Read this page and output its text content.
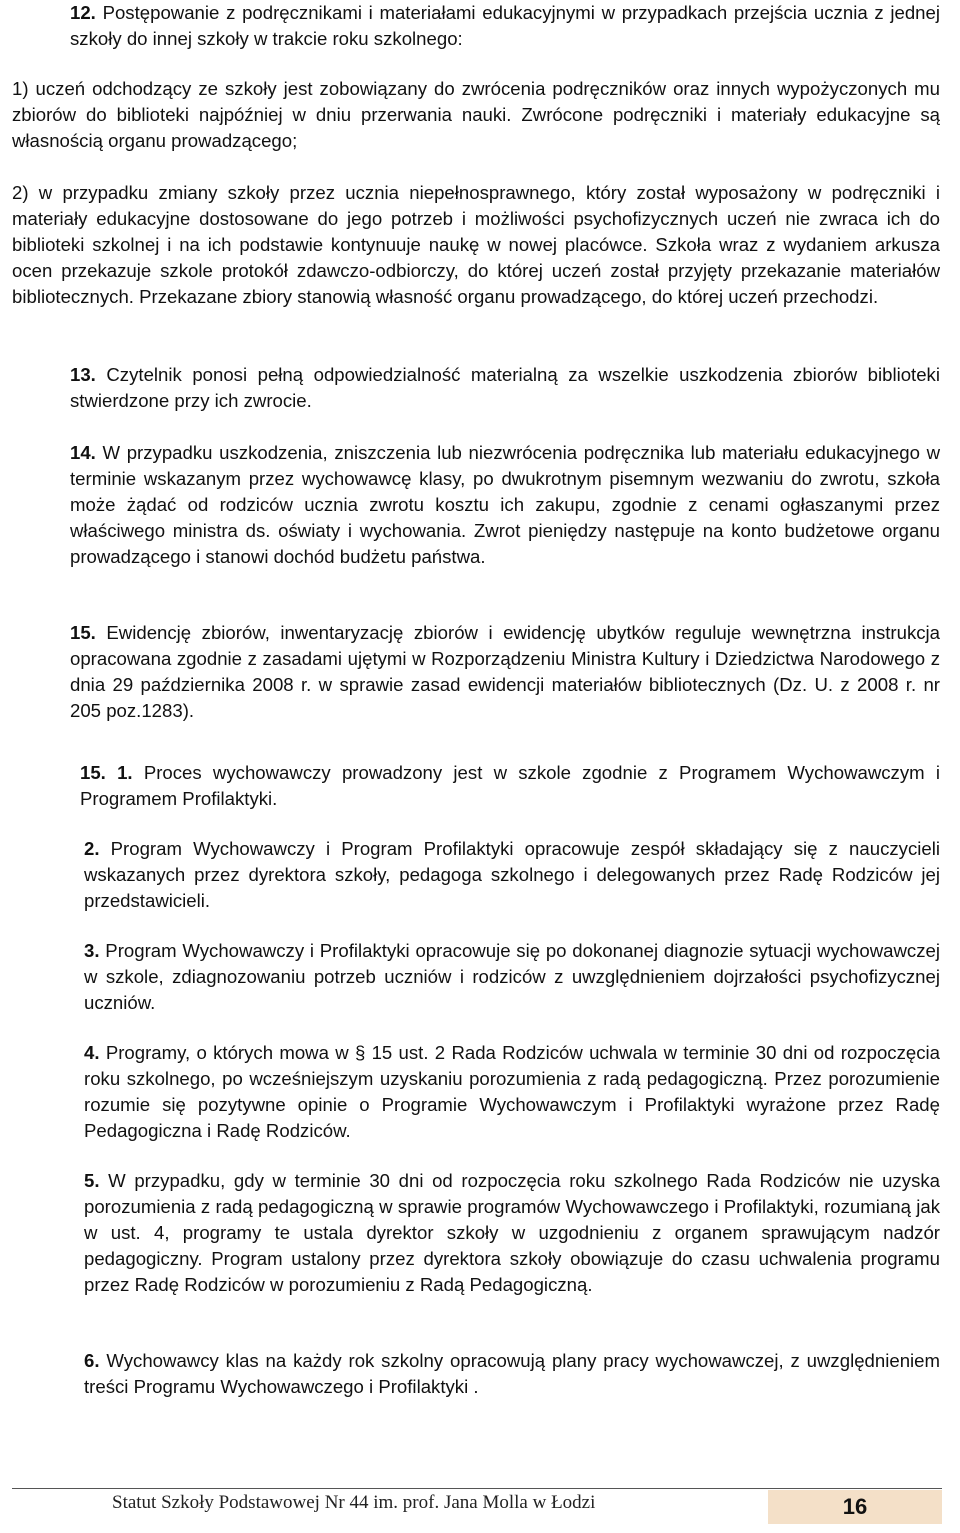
12. Postępowanie z podręcznikami i materiałami edukacyjnymi w przypadkach przejścia ucznia z jednej szkoły do innej szkoły w trakcie roku szkolnego:

1) uczeń odchodzący ze szkoły jest zobowiązany do zwrócenia podręczników oraz innych wypożyczonych mu zbiorów do biblioteki najpóźniej w dniu przerwania nauki. Zwrócone podręczniki i materiały edukacyjne są własnością organu prowadzącego;

2) w przypadku zmiany szkoły przez ucznia niepełnosprawnego, który został wyposażony w podręczniki i materiały edukacyjne dostosowane do jego potrzeb i możliwości psychofizycznych uczeń nie zwraca ich do biblioteki szkolnej i na ich podstawie kontynuuje naukę w nowej placówce. Szkoła wraz z wydaniem arkusza ocen przekazuje szkole protokół zdawczo-odbiorczy, do której uczeń został przyjęty przekazanie materiałów bibliotecznych. Przekazane zbiory stanowią własność organu prowadzącego, do której uczeń przechodzi.

13. Czytelnik ponosi pełną odpowiedzialność materialną za wszelkie uszkodzenia zbiorów biblioteki stwierdzone przy ich zwrocie.

14. W przypadku uszkodzenia, zniszczenia lub niezwrócenia podręcznika lub materiału edukacyjnego w terminie wskazanym przez wychowawcę klasy, po dwukrotnym pisemnym wezwaniu do zwrotu, szkoła może żądać od rodziców ucznia zwrotu kosztu ich zakupu, zgodnie z cenami ogłaszanymi przez właściwego ministra ds. oświaty i wychowania. Zwrot pieniędzy następuje na konto budżetowe organu prowadzącego i stanowi dochód budżetu państwa.

15. Ewidencję zbiorów, inwentaryzację zbiorów i ewidencję ubytków reguluje wewnętrzna instrukcja opracowana zgodnie z zasadami ujętymi w Rozporządzeniu Ministra Kultury i Dziedzictwa Narodowego z dnia 29 października 2008 r. w sprawie zasad ewidencji materiałów bibliotecznych (Dz. U. z 2008 r. nr 205 poz.1283).

15. 1. Proces wychowawczy prowadzony jest w szkole zgodnie z Programem Wychowawczym i Programem Profilaktyki.

2. Program Wychowawczy i Program Profilaktyki opracowuje zespół składający się z nauczycieli wskazanych przez dyrektora szkoły, pedagoga szkolnego i delegowanych przez Radę Rodziców jej przedstawicieli.

3. Program Wychowawczy i Profilaktyki opracowuje się po dokonanej diagnozie sytuacji wychowawczej w szkole, zdiagnozowaniu potrzeb uczniów i rodziców z uwzględnieniem dojrzałości psychofizycznej uczniów.

4. Programy, o których mowa w § 15 ust. 2 Rada Rodziców uchwala w terminie 30 dni od rozpoczęcia roku szkolnego, po wcześniejszym uzyskaniu porozumienia z radą pedagogiczną. Przez porozumienie rozumie się pozytywne opinie o Programie Wychowawczym i Profilaktyki wyrażone przez Radę Pedagogiczna i Radę Rodziców.

5. W przypadku, gdy w terminie 30 dni od rozpoczęcia roku szkolnego Rada Rodziców nie uzyska porozumienia z radą pedagogiczną w sprawie programów Wychowawczego i Profilaktyki, rozumianą jak w ust. 4, programy te ustala dyrektor szkoły w uzgodnieniu z organem sprawującym nadzór pedagogiczny. Program ustalony przez dyrektora szkoły obowiązuje do czasu uchwalenia programu przez Radę Rodziców w porozumieniu z Radą Pedagogiczną.

6. Wychowawcy klas na każdy rok szkolny opracowują plany pracy wychowawczej, z uwzględnieniem treści Programu Wychowawczego i Profilaktyki .

Statut Szkoły Podstawowej Nr 44 im. prof. Jana Molla w Łodzi	16
